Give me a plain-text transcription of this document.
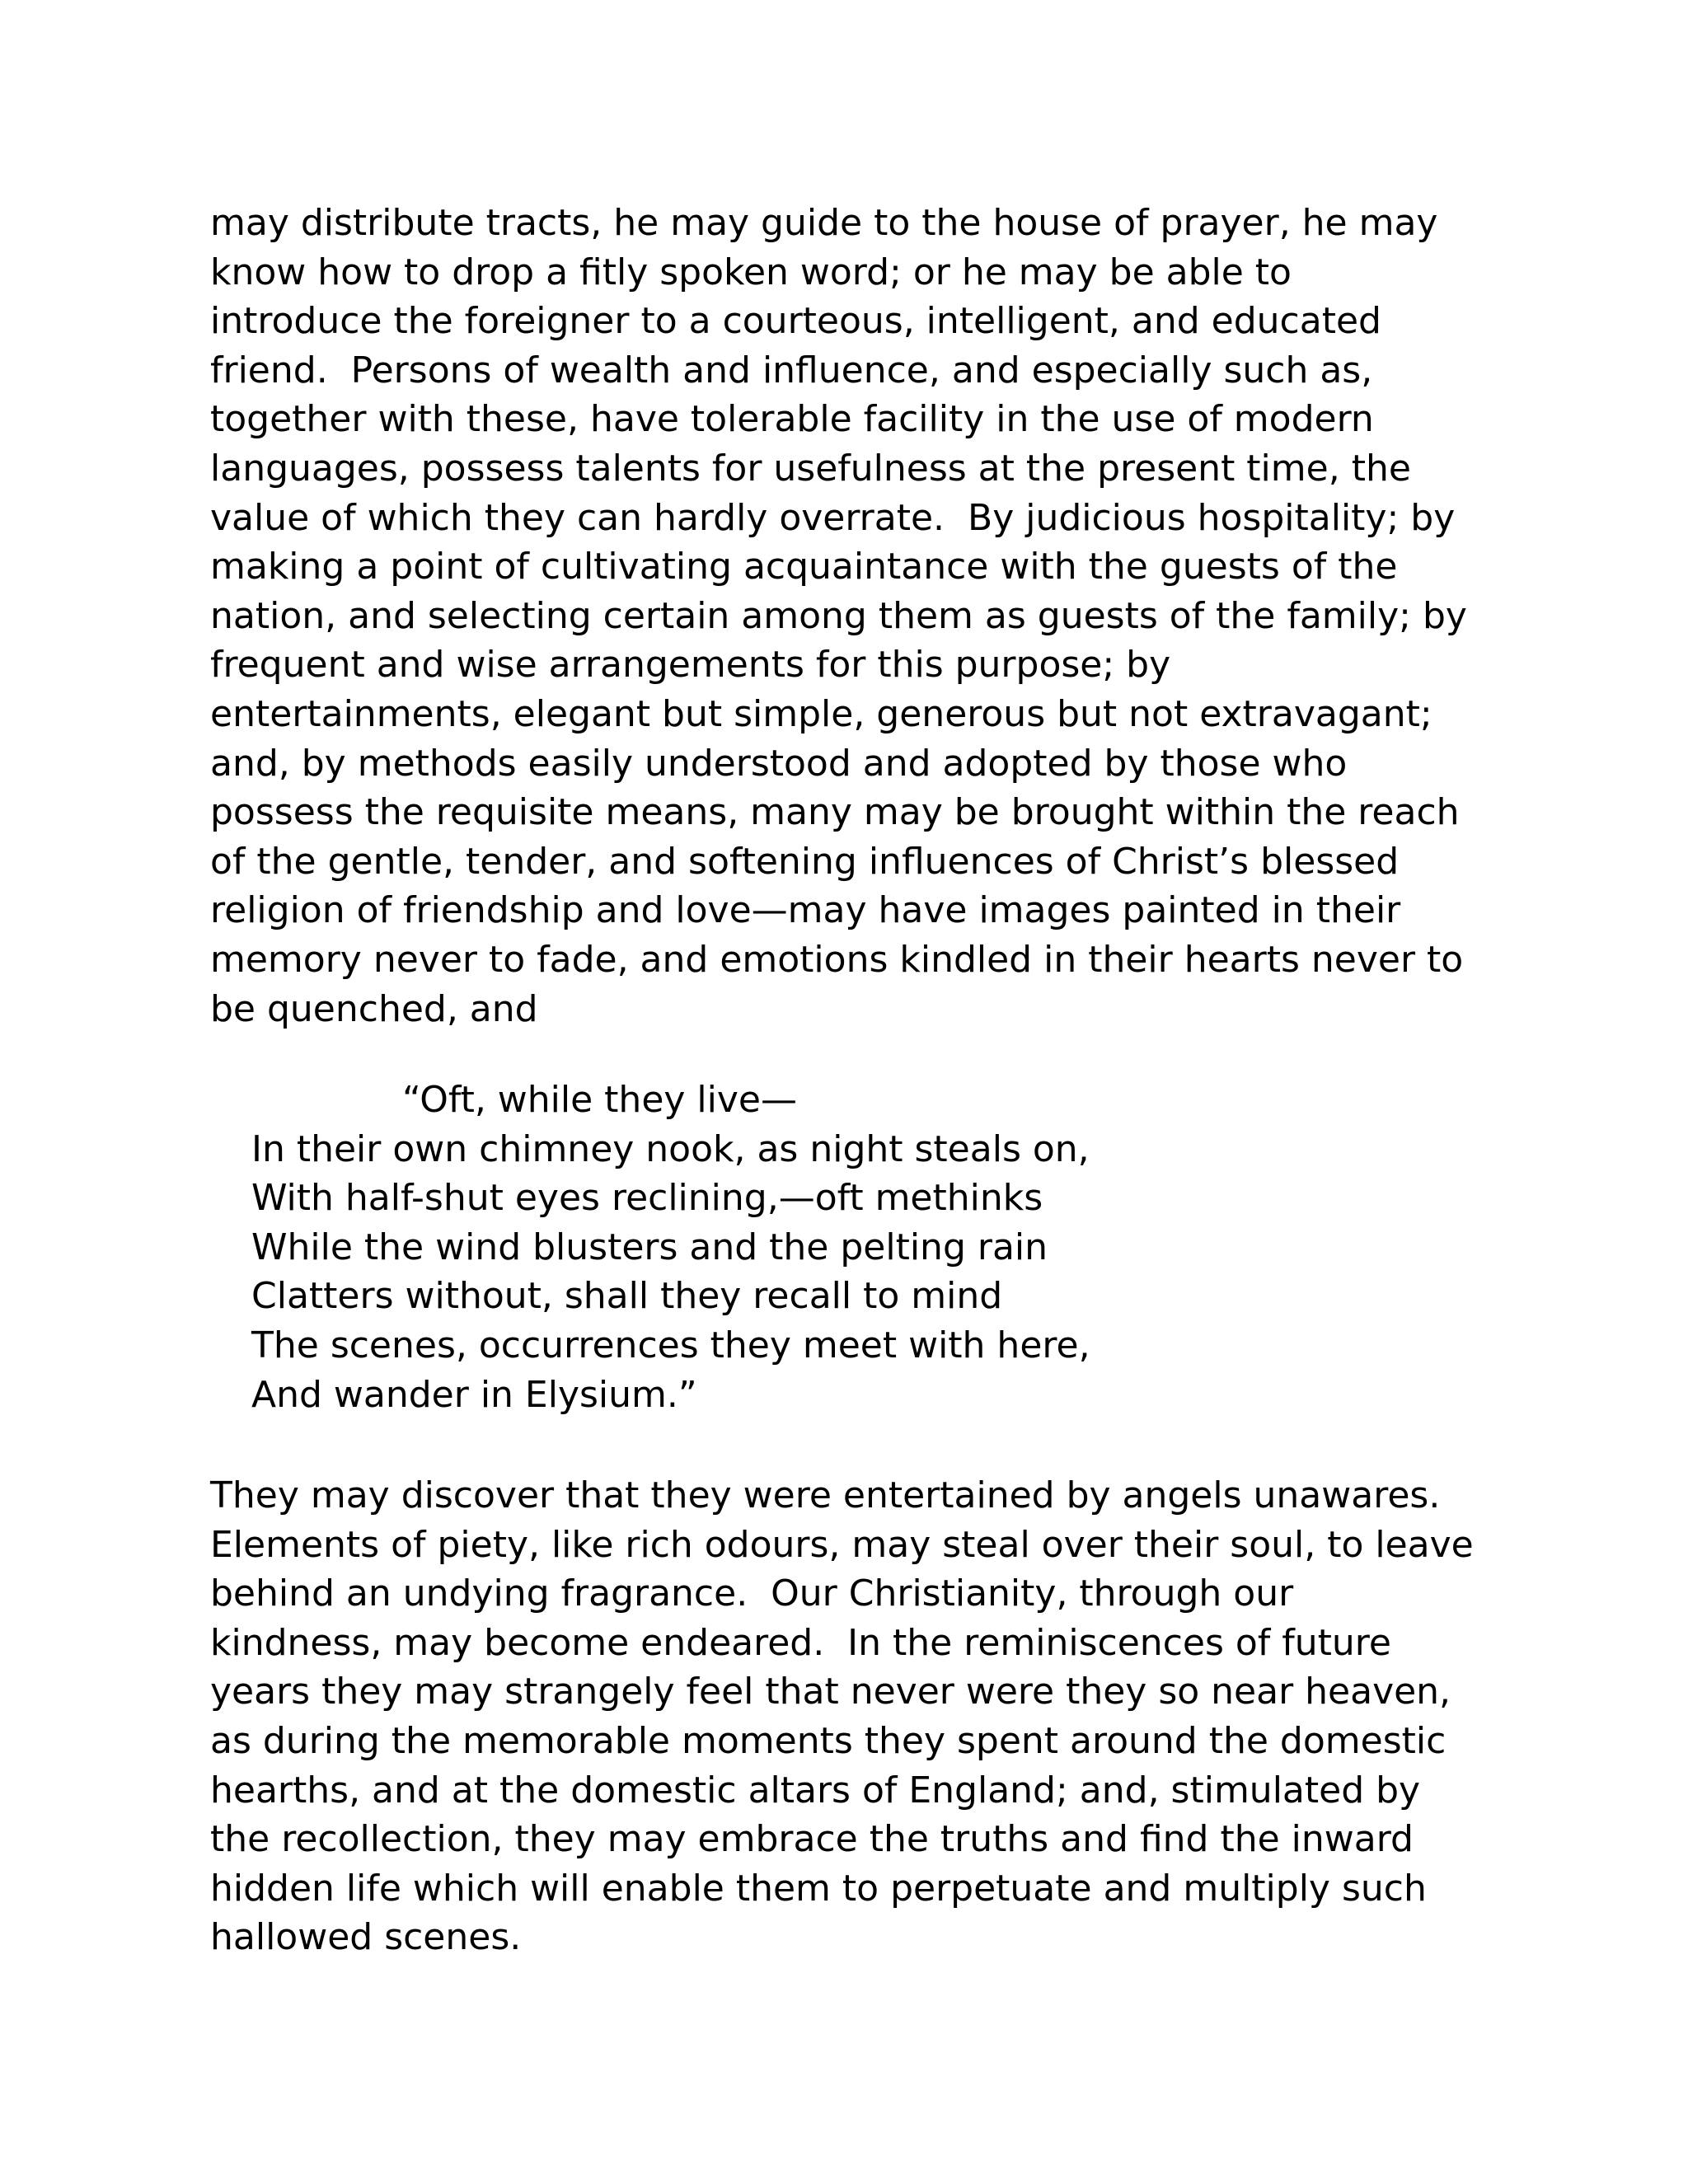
may distribute tracts, he may guide to the house of prayer, he may
know how to drop a fitly spoken word; or he may be able to
introduce the foreigner to a courteous, intelligent, and educated
friend.  Persons of wealth and influence, and especially such as,
together with these, have tolerable facility in the use of modern
languages, possess talents for usefulness at the present time, the
value of which they can hardly overrate.  By judicious hospitality; by
making a point of cultivating acquaintance with the guests of the
nation, and selecting certain among them as guests of the family; by
frequent and wise arrangements for this purpose; by
entertainments, elegant but simple, generous but not extravagant;
and, by methods easily understood and adopted by those who
possess the requisite means, many may be brought within the reach
of the gentle, tender, and softening influences of Christ’s blessed
religion of friendship and love—may have images painted in their
memory never to fade, and emotions kindled in their hearts never to
be quenched, and
“Oft, while they live—
In their own chimney nook, as night steals on,
With half-shut eyes reclining,—oft methinks
While the wind blusters and the pelting rain
Clatters without, shall they recall to mind
The scenes, occurrences they meet with here,
And wander in Elysium.”
They may discover that they were entertained by angels unawares.
Elements of piety, like rich odours, may steal over their soul, to leave
behind an undying fragrance.  Our Christianity, through our
kindness, may become endeared.  In the reminiscences of future
years they may strangely feel that never were they so near heaven,
as during the memorable moments they spent around the domestic
hearths, and at the domestic altars of England; and, stimulated by
the recollection, they may embrace the truths and find the inward
hidden life which will enable them to perpetuate and multiply such
hallowed scenes.
